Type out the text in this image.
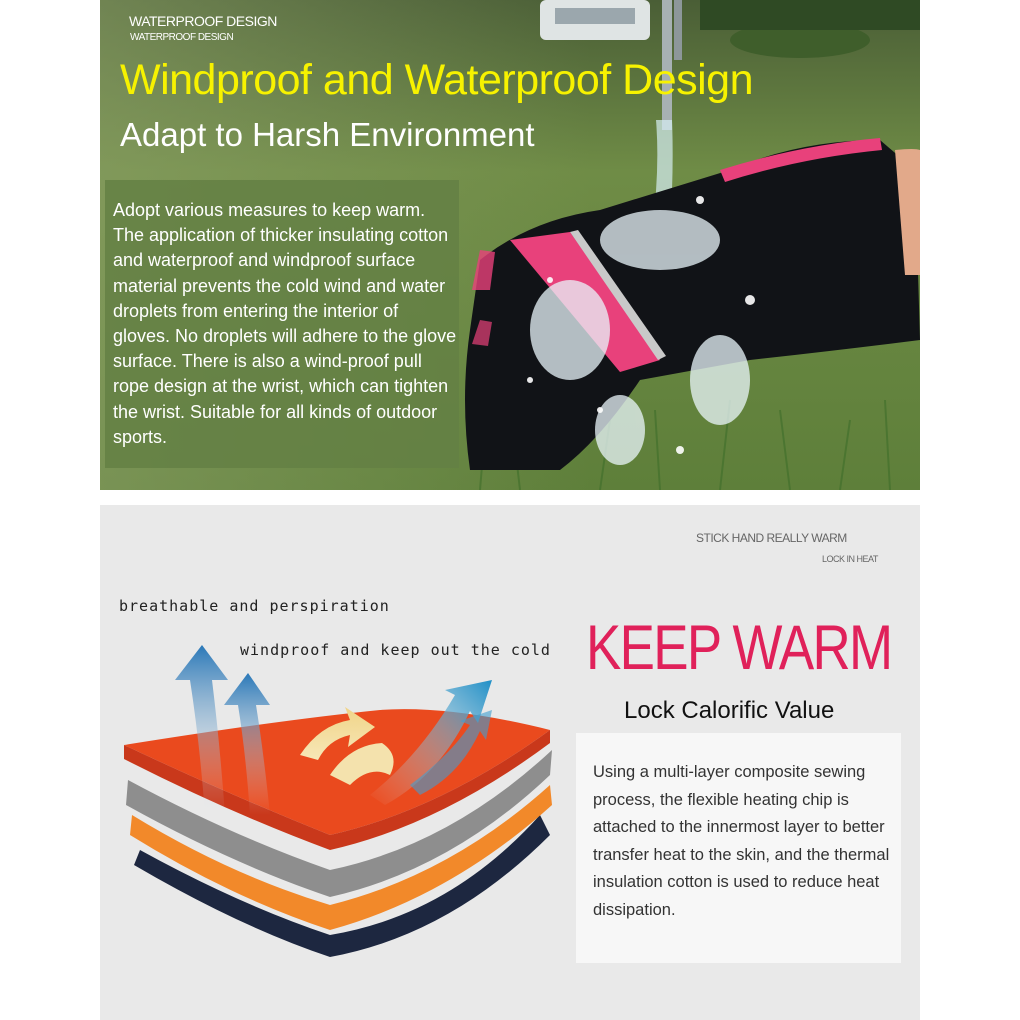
WATERPROOF DESIGN
WATERPROOF DESIGN
Windproof and Waterproof Design
Adapt to Harsh Environment
Adopt various measures to keep warm. The application of thicker insulating cotton and waterproof and windproof surface material prevents the cold wind and water droplets from entering the interior of gloves. No droplets will adhere to the glove surface. There is also a wind-proof pull rope design at the wrist, which can tighten the wrist. Suitable for all kinds of outdoor sports.
STICK HAND REALLY WARM
LOCK IN HEAT
breathable and perspiration
windproof and keep out the cold KEEP WARM
Lock Calorific Value
Using a multi-layer composite sewing process, the flexible heating chip is attached to the innermost layer to better transfer heat to the skin, and the thermal insulation cotton is used to reduce heat dissipation.
